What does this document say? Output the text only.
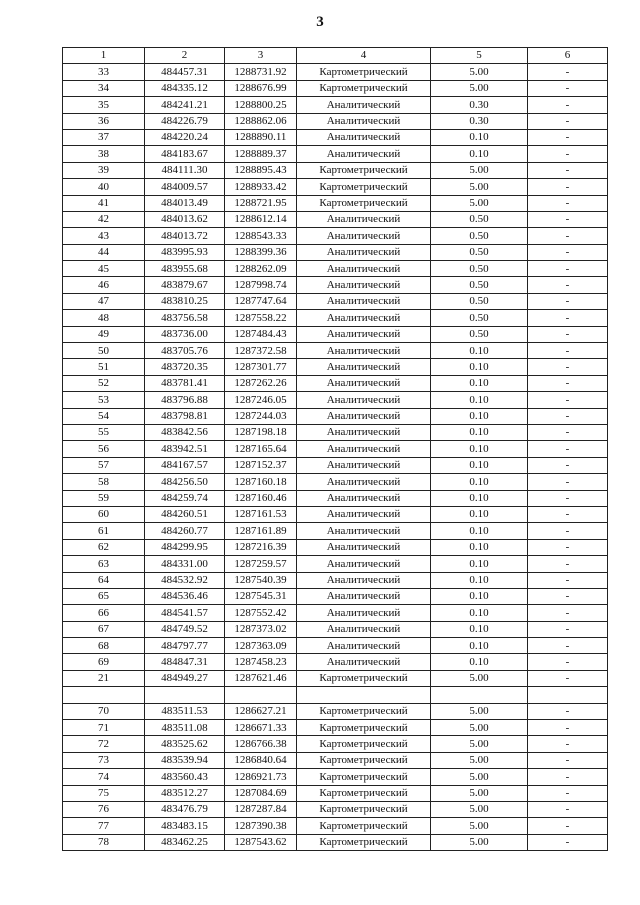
3
1	2	3	4	5	6
33	484457.31	1288731.92	Картометрический	5.00	-
34	484335.12	1288676.99	Картометрический	5.00	-
35	484241.21	1288800.25	Аналитический	0.30	-
36	484226.79	1288862.06	Аналитический	0.30	-
37	484220.24	1288890.11	Аналитический	0.10	-
38	484183.67	1288889.37	Аналитический	0.10	-
39	484111.30	1288895.43	Картометрический	5.00	-
40	484009.57	1288933.42	Картометрический	5.00	-
41	484013.49	1288721.95	Картометрический	5.00	-
42	484013.62	1288612.14	Аналитический	0.50	-
43	484013.72	1288543.33	Аналитический	0.50	-
44	483995.93	1288399.36	Аналитический	0.50	-
45	483955.68	1288262.09	Аналитический	0.50	-
46	483879.67	1287998.74	Аналитический	0.50	-
47	483810.25	1287747.64	Аналитический	0.50	-
48	483756.58	1287558.22	Аналитический	0.50	-
49	483736.00	1287484.43	Аналитический	0.50	-
50	483705.76	1287372.58	Аналитический	0.10	-
51	483720.35	1287301.77	Аналитический	0.10	-
52	483781.41	1287262.26	Аналитический	0.10	-
53	483796.88	1287246.05	Аналитический	0.10	-
54	483798.81	1287244.03	Аналитический	0.10	-
55	483842.56	1287198.18	Аналитический	0.10	-
56	483942.51	1287165.64	Аналитический	0.10	-
57	484167.57	1287152.37	Аналитический	0.10	-
58	484256.50	1287160.18	Аналитический	0.10	-
59	484259.74	1287160.46	Аналитический	0.10	-
60	484260.51	1287161.53	Аналитический	0.10	-
61	484260.77	1287161.89	Аналитический	0.10	-
62	484299.95	1287216.39	Аналитический	0.10	-
63	484331.00	1287259.57	Аналитический	0.10	-
64	484532.92	1287540.39	Аналитический	0.10	-
65	484536.46	1287545.31	Аналитический	0.10	-
66	484541.57	1287552.42	Аналитический	0.10	-
67	484749.52	1287373.02	Аналитический	0.10	-
68	484797.77	1287363.09	Аналитический	0.10	-
69	484847.31	1287458.23	Аналитический	0.10	-
21	484949.27	1287621.46	Картометрический	5.00	-

70	483511.53	1286627.21	Картометрический	5.00	-
71	483511.08	1286671.33	Картометрический	5.00	-
72	483525.62	1286766.38	Картометрический	5.00	-
73	483539.94	1286840.64	Картометрический	5.00	-
74	483560.43	1286921.73	Картометрический	5.00	-
75	483512.27	1287084.69	Картометрический	5.00	-
76	483476.79	1287287.84	Картометрический	5.00	-
77	483483.15	1287390.38	Картометрический	5.00	-
78	483462.25	1287543.62	Картометрический	5.00	-
